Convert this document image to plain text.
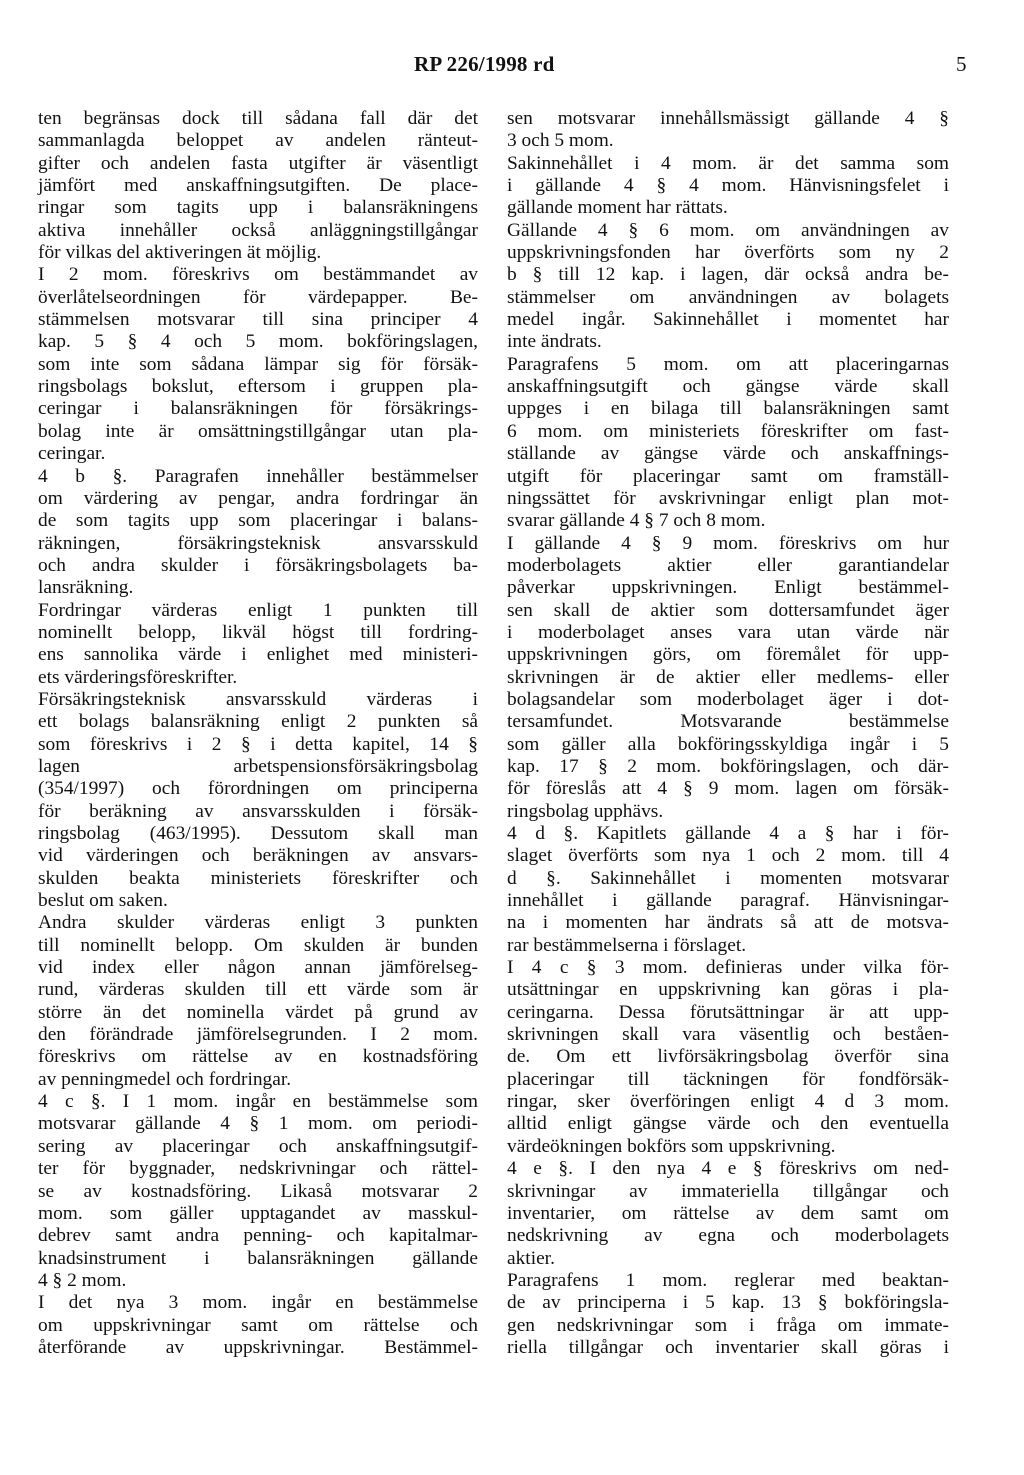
RP 226/1998 rd	5
ten begränsas dock till sådana fall där det
sammanlagda beloppet av andelen ränteut-
gifter och andelen fasta utgifter är väsentligt
jämfört med anskaffningsutgiften. De place-
ringar som tagits upp i balansräkningens
aktiva innehåller också anläggningstillgångar
för vilkas del aktiveringen ät möjlig.
I 2 mom. föreskrivs om bestämmandet av
överlåtelseordningen för värdepapper. Be-
stämmelsen motsvarar till sina principer 4
kap. 5 § 4 och 5 mom. bokföringslagen,
som inte som sådana lämpar sig för försäk-
ringsbolags bokslut, eftersom i gruppen pla-
ceringar i balansräkningen för försäkrings-
bolag inte är omsättningstillgångar utan pla-
ceringar.
4 b §. Paragrafen innehåller bestämmelser
om värdering av pengar, andra fordringar än
de som tagits upp som placeringar i balans-
räkningen, försäkringsteknisk ansvarsskuld
och andra skulder i försäkringsbolagets ba-
lansräkning.
Fordringar värderas enligt 1 punkten till
nominellt belopp, likväl högst till fordring-
ens sannolika värde i enlighet med ministeri-
ets värderingsföreskrifter.
Försäkringsteknisk ansvarsskuld värderas i
ett bolags balansräkning enligt 2 punkten så
som föreskrivs i 2 § i detta kapitel, 14 §
lagen arbetspensionsförsäkringsbolag
(354/1997) och förordningen om principerna
för beräkning av ansvarsskulden i försäk-
ringsbolag (463/1995). Dessutom skall man
vid värderingen och beräkningen av ansvars-
skulden beakta ministeriets föreskrifter och
beslut om saken.
Andra skulder värderas enligt 3 punkten
till nominellt belopp. Om skulden är bunden
vid index eller någon annan jämförelseg-
rund, värderas skulden till ett värde som är
större än det nominella värdet på grund av
den förändrade jämförelsegrunden. I 2 mom.
föreskrivs om rättelse av en kostnadsföring
av penningmedel och fordringar.
4 c §. I 1 mom. ingår en bestämmelse som
motsvarar gällande 4 § 1 mom. om periodi-
sering av placeringar och anskaffningsutgif-
ter för byggnader, nedskrivningar och rättel-
se av kostnadsföring. Likaså motsvarar 2
mom. som gäller upptagandet av masskul-
debrev samt andra penning- och kapitalmar-
knadsinstrument i balansräkningen gällande
4 § 2 mom.
I det nya 3 mom. ingår en bestämmelse
om uppskrivningar samt om rättelse och
återförande av uppskrivningar. Bestämmel-
sen motsvarar innehållsmässigt gällande 4 §
3 och 5 mom.
Sakinnehållet i 4 mom. är det samma som
i gällande 4 § 4 mom. Hänvisningsfelet i
gällande moment har rättats.
Gällande 4 § 6 mom. om användningen av
uppskrivningsfonden har överförts som ny 2
b § till 12 kap. i lagen, där också andra be-
stämmelser om användningen av bolagets
medel ingår. Sakinnehållet i momentet har
inte ändrats.
Paragrafens 5 mom. om att placeringarnas
anskaffningsutgift och gängse värde skall
uppges i en bilaga till balansräkningen samt
6 mom. om ministeriets föreskrifter om fast-
ställande av gängse värde och anskaffnings-
utgift för placeringar samt om framställ-
ningssättet för avskrivningar enligt plan mot-
svarar gällande 4 § 7 och 8 mom.
I gällande 4 § 9 mom. föreskrivs om hur
moderbolagets aktier eller garantiandelar
påverkar uppskrivningen. Enligt bestämmel-
sen skall de aktier som dottersamfundet äger
i moderbolaget anses vara utan värde när
uppskrivningen görs, om föremålet för upp-
skrivningen är de aktier eller medlems- eller
bolagsandelar som moderbolaget äger i dot-
tersamfundet. Motsvarande bestämmelse
som gäller alla bokföringsskyldiga ingår i 5
kap. 17 § 2 mom. bokföringslagen, och där-
för föreslås att 4 § 9 mom. lagen om försäk-
ringsbolag upphävs.
4 d §. Kapitlets gällande 4 a § har i för-
slaget överförts som nya 1 och 2 mom. till 4
d §. Sakinnehållet i momenten motsvarar
innehållet i gällande paragraf. Hänvisningar-
na i momenten har ändrats så att de motsva-
rar bestämmelserna i förslaget.
I 4 c § 3 mom. definieras under vilka för-
utsättningar en uppskrivning kan göras i pla-
ceringarna. Dessa förutsättningar är att upp-
skrivningen skall vara väsentlig och beståen-
de. Om ett livförsäkringsbolag överför sina
placeringar till täckningen för fondförsäk-
ringar, sker överföringen enligt 4 d 3 mom.
alltid enligt gängse värde och den eventuella
värdeökningen bokförs som uppskrivning.
4 e §. I den nya 4 e § föreskrivs om ned-
skrivningar av immateriella tillgångar och
inventarier, om rättelse av dem samt om
nedskrivning av egna och moderbolagets
aktier.
Paragrafens 1 mom. reglerar med beaktan-
de av principerna i 5 kap. 13 § bokföringsla-
gen nedskrivningar som i fråga om immate-
riella tillgångar och inventarier skall göras i
